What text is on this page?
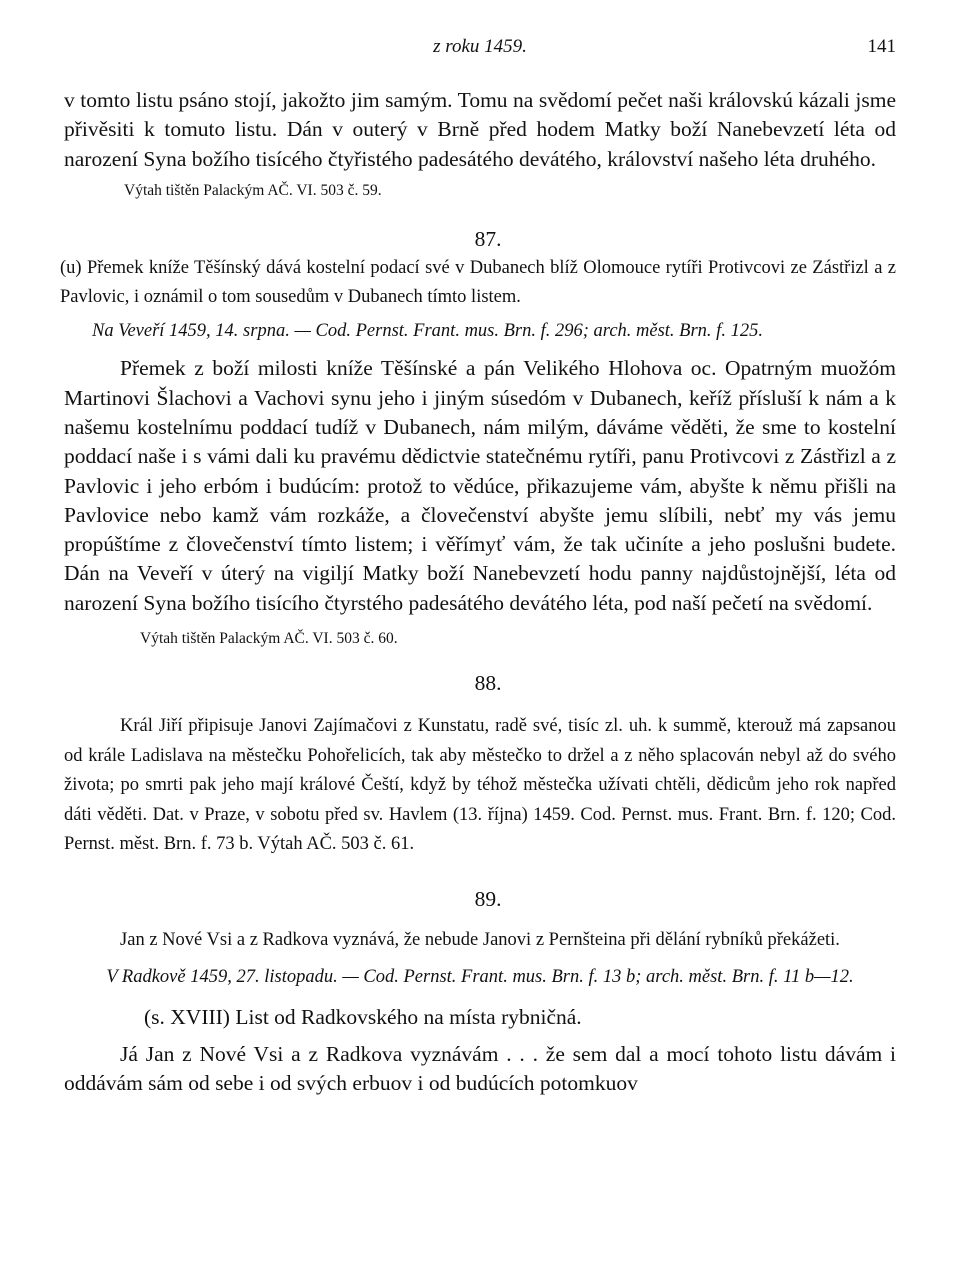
z roku 1459.	141

v tomto listu psáno stojí, jakožto jim samým. Tomu na svědomí pečet naši královskú kázali jsme přivěsiti k tomuto listu. Dán v outerý v Brně před hodem Matky boží Nanebevzetí léta od narození Syna božího tisícého čtyřistého padesátého devátého, království našeho léta druhého.

Výtah tištěn Palackým AČ. VI. 503 č. 59.

87.

(u) Přemek kníže Těšínský dává kostelní podací své v Dubanech blíž Olomouce rytíři Protivcovi ze Zástřizl a z Pavlovic, i oznámil o tom sousedům v Dubanech tímto listem.

Na Veveří 1459, 14. srpna. — Cod. Pernst. Frant. mus. Brn. f. 296; arch. měst. Brn. f. 125.

Přemek z boží milosti kníže Těšínské a pán Velikého Hlohova oc. Opatrným muožóm Martinovi Šlachovi a Vachovi synu jeho i jiným súsedóm v Dubanech, keříž přísluší k nám a k našemu kostelnímu poddací tudíž v Dubanech, nám milým, dáváme věděti, že sme to kostelní poddací naše i s vámi dali ku pravému dědictvie statečnému rytíři, panu Protivcovi z Zástřizl a z Pavlovic i jeho erbóm i budúcím: protož to vědúce, přikazujeme vám, abyšte k němu přišli na Pavlovice nebo kamž vám rozkáže, a človečenství abyšte jemu slíbili, nebť my vás jemu propúštíme z človečenství tímto listem; i věřímyť vám, že tak učiníte a jeho poslušni budete. Dán na Veveří v úterý na vigiljí Matky boží Nanebevzetí hodu panny najdůstojnější, léta od narození Syna božího tisícího čtyrstého padesátého devátého léta, pod naší pečetí na svědomí.

Výtah tištěn Palackým AČ. VI. 503 č. 60.

88.

Král Jiří připisuje Janovi Zajímačovi z Kunstatu, radě své, tisíc zl. uh. k summě, kterouž má zapsanou od krále Ladislava na městečku Pohořelicích, tak aby městečko to držel a z něho splacován nebyl až do svého života; po smrti pak jeho mají králové Čeští, když by téhož městečka užívati chtěli, dědicům jeho rok napřed dáti věděti. Dat. v Praze, v sobotu před sv. Havlem (13. října) 1459. Cod. Pernst. mus. Frant. Brn. f. 120; Cod. Pernst. měst. Brn. f. 73 b. Výtah AČ. 503 č. 61.

89.

Jan z Nové Vsi a z Radkova vyznává, že nebude Janovi z Pernšteina při dělání rybníků překážeti.

V Radkově 1459, 27. listopadu. — Cod. Pernst. Frant. mus. Brn. f. 13 b; arch. měst. Brn. f. 11 b—12.

(s. XVIII) List od Radkovského na místa rybničná.

Já Jan z Nové Vsi a z Radkova vyznávám . . . že sem dal a mocí tohoto listu dávám i oddávám sám od sebe i od svých erbuov i od budúcích potomkuov
